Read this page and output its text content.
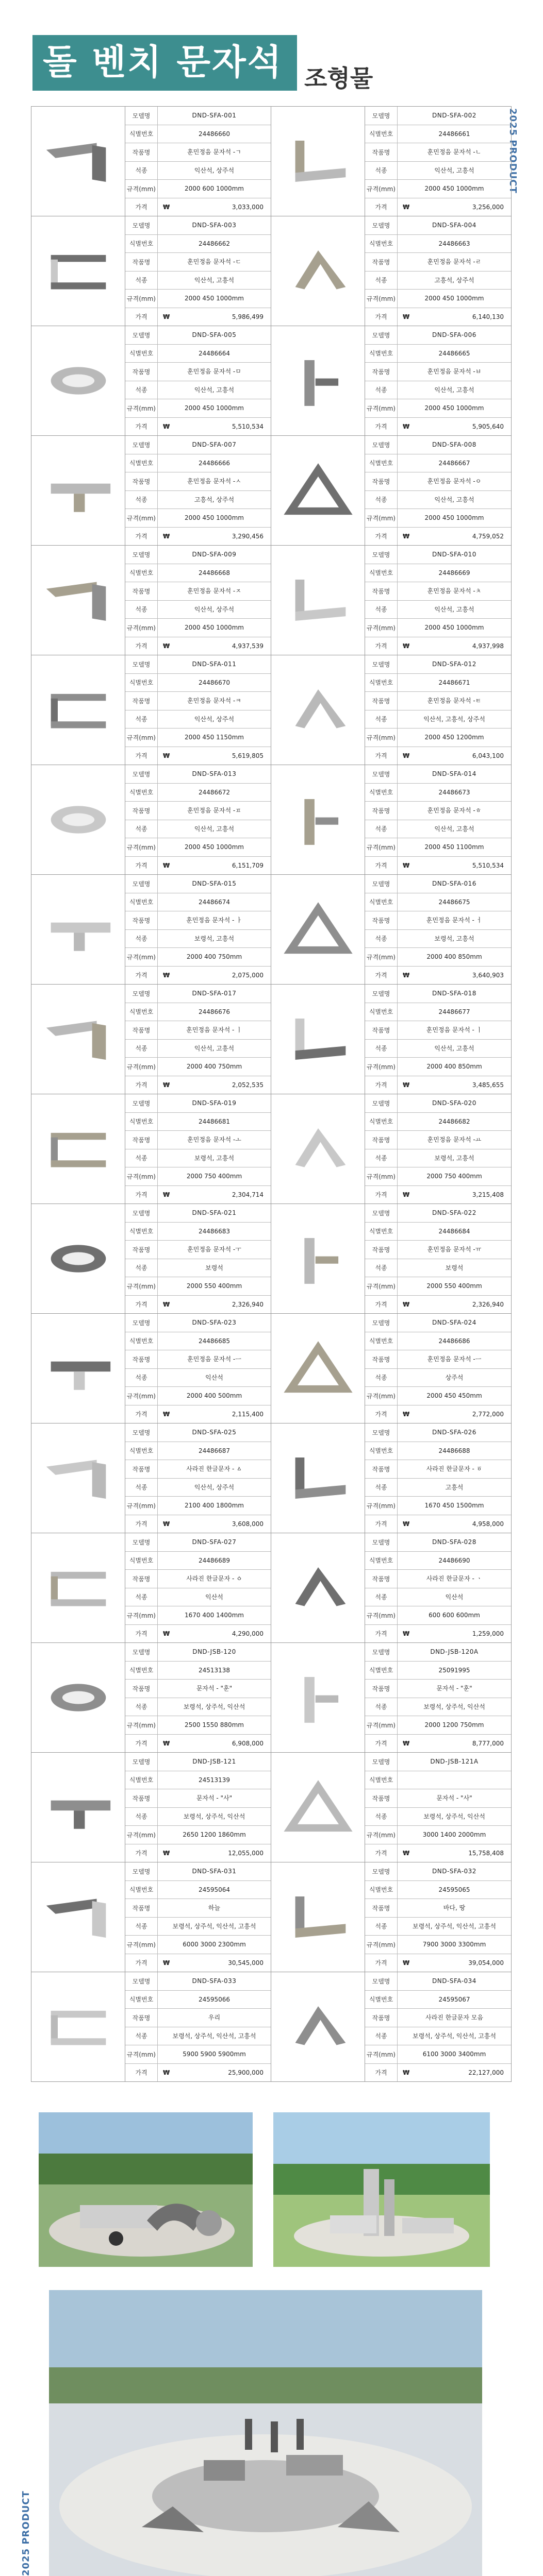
돌 벤치 문자석 조형물
2025 PRODUCT
모델명	DND-SFA-001
식별번호	24486660
작품명	훈민정음 문자석 -ㄱ
석종	익산석, 상주석
규격(mm)	2000 600 1000mm
가격	₩	3,033,000
모델명	DND-SFA-002
식별번호	24486661
작품명	훈민정음 문자석 -ㄴ
석종	익산석, 고흥석
규격(mm)	2000 450 1000mm
가격	₩	3,256,000
모델명	DND-SFA-003
식별번호	24486662
작품명	훈민정음 문자석 -ㄷ
석종	익산석, 고흥석
규격(mm)	2000 450 1000mm
가격	₩	5,986,499
모델명	DND-SFA-004
식별번호	24486663
작품명	훈민정음 문자석 -ㄹ
석종	고흥석, 상주석
규격(mm)	2000 450 1000mm
가격	₩	6,140,130
모델명	DND-SFA-005
식별번호	24486664
작품명	훈민정음 문자석 -ㅁ
석종	익산석, 고흥석
규격(mm)	2000 450 1000mm
가격	₩	5,510,534
모델명	DND-SFA-006
식별번호	24486665
작품명	훈민정음 문자석 -ㅂ
석종	익산석, 고흥석
규격(mm)	2000 450 1000mm
가격	₩	5,905,640
모델명	DND-SFA-007
식별번호	24486666
작품명	훈민정음 문자석 -ㅅ
석종	고흥석, 상주석
규격(mm)	2000 450 1000mm
가격	₩	3,290,456
모델명	DND-SFA-008
식별번호	24486667
작품명	훈민정음 문자석 -ㅇ
석종	익산석, 고흥석
규격(mm)	2000 450 1000mm
가격	₩	4,759,052
모델명	DND-SFA-009
식별번호	24486668
작품명	훈민정음 문자석 -ㅈ
석종	익산석, 상주석
규격(mm)	2000 450 1000mm
가격	₩	4,937,539
모델명	DND-SFA-010
식별번호	24486669
작품명	훈민정음 문자석 -ㅊ
석종	익산석, 고흥석
규격(mm)	2000 450 1000mm
가격	₩	4,937,998
모델명	DND-SFA-011
식별번호	24486670
작품명	훈민정음 문자석 -ㅋ
석종	익산석, 상주석
규격(mm)	2000 450 1150mm
가격	₩	5,619,805
모델명	DND-SFA-012
식별번호	24486671
작품명	훈민정음 문자석 -ㅌ
석종	익산석, 고흥석, 상주석
규격(mm)	2000 450 1200mm
가격	₩	6,043,100
모델명	DND-SFA-013
식별번호	24486672
작품명	훈민정음 문자석 -ㅍ
석종	익산석, 고흥석
규격(mm)	2000 450 1000mm
가격	₩	6,151,709
모델명	DND-SFA-014
식별번호	24486673
작품명	훈민정음 문자석 -ㅎ
석종	익산석, 고흥석
규격(mm)	2000 450 1100mm
가격	₩	5,510,534
모델명	DND-SFA-015
식별번호	24486674
작품명	훈민정음 문자석 - ㅏ
석종	보령석, 고흥석
규격(mm)	2000 400 750mm
가격	₩	2,075,000
모델명	DND-SFA-016
식별번호	24486675
작품명	훈민정음 문자석 - ㅓ
석종	보령석, 고흥석
규격(mm)	2000 400 850mm
가격	₩	3,640,903
모델명	DND-SFA-017
식별번호	24486676
작품명	훈민정음 문자석 - ㅣ
석종	익산석, 고흥석
규격(mm)	2000 400 750mm
가격	₩	2,052,535
모델명	DND-SFA-018
식별번호	24486677
작품명	훈민정음 문자석 - ㅣ
석종	익산석, 고흥석
규격(mm)	2000 400 850mm
가격	₩	3,485,655
모델명	DND-SFA-019
식별번호	24486681
작품명	훈민정음 문자석 -ㅗ
석종	보령석, 고흥석
규격(mm)	2000 750 400mm
가격	₩	2,304,714
모델명	DND-SFA-020
식별번호	24486682
작품명	훈민정음 문자석 -ㅛ
석종	보령석, 고흥석
규격(mm)	2000 750 400mm
가격	₩	3,215,408
모델명	DND-SFA-021
식별번호	24486683
작품명	훈민정음 문자석 -ㅜ
석종	보령석
규격(mm)	2000 550 400mm
가격	₩	2,326,940
모델명	DND-SFA-022
식별번호	24486684
작품명	훈민정음 문자석 -ㅠ
석종	보령석
규격(mm)	2000 550 400mm
가격	₩	2,326,940
모델명	DND-SFA-023
식별번호	24486685
작품명	훈민정음 문자석 -ㅡ
석종	익산석
규격(mm)	2000 400 500mm
가격	₩	2,115,400
모델명	DND-SFA-024
식별번호	24486686
작품명	훈민정음 문자석 -ㅡ
석종	상주석
규격(mm)	2000 450 450mm
가격	₩	2,772,000
모델명	DND-SFA-025
식별번호	24486687
작품명	사라진 한글문자 - ㅿ
석종	익산석, 상주석
규격(mm)	2100 400 1800mm
가격	₩	3,608,000
모델명	DND-SFA-026
식별번호	24486688
작품명	사라진 한글문자 - ㆆ
석종	고흥석
규격(mm)	1670 450 1500mm
가격	₩	4,958,000
모델명	DND-SFA-027
식별번호	24486689
작품명	사라진 한글문자 - ㆁ
석종	익산석
규격(mm)	1670 400 1400mm
가격	₩	4,290,000
모델명	DND-SFA-028
식별번호	24486690
작품명	사라진 한글문자 - ㆍ
석종	익산석
규격(mm)	600 600 600mm
가격	₩	1,259,000
모델명	DND-JSB-120
식별번호	24513138
작품명	문자석 - "훈"
석종	보령석, 상주석, 익산석
규격(mm)	2500 1550 880mm
가격	₩	6,908,000
모델명	DND-JSB-120A
식별번호	25091995
작품명	문자석 - "훈"
석종	보령석, 상주석, 익산석
규격(mm)	2000 1200 750mm
가격	₩	8,777,000
모델명	DND-JSB-121
식별번호	24513139
작품명	문자석 - "사"
석종	보령석, 상주석, 익산석
규격(mm)	2650 1200 1860mm
가격	₩	12,055,000
모델명	DND-JSB-121A
식별번호
작품명	문자석 - "사"
석종	보령석, 상주석, 익산석
규격(mm)	3000 1400 2000mm
가격	₩	15,758,408
모델명	DND-SFA-031
식별번호	24595064
작품명	하늘
석종	보령석, 상주석, 익산석, 고흥석
규격(mm)	6000 3000 2300mm
가격	₩	30,545,000
모델명	DND-SFA-032
식별번호	24595065
작품명	바다, 땅
석종	보령석, 상주석, 익산석, 고흥석
규격(mm)	7900 3000 3300mm
가격	₩	39,054,000
모델명	DND-SFA-033
식별번호	24595066
작품명	우리
석종	보령석, 상주석, 익산석, 고흥석
규격(mm)	5900 5900 5900mm
가격	₩	25,900,000
모델명	DND-SFA-034
식별번호	24595067
작품명	사라진 한글문자 모음
석종	보령석, 상주석, 익산석, 고흥석
규격(mm)	6100 3000 3400mm
가격	₩	22,127,000
2025 PRODUCT
